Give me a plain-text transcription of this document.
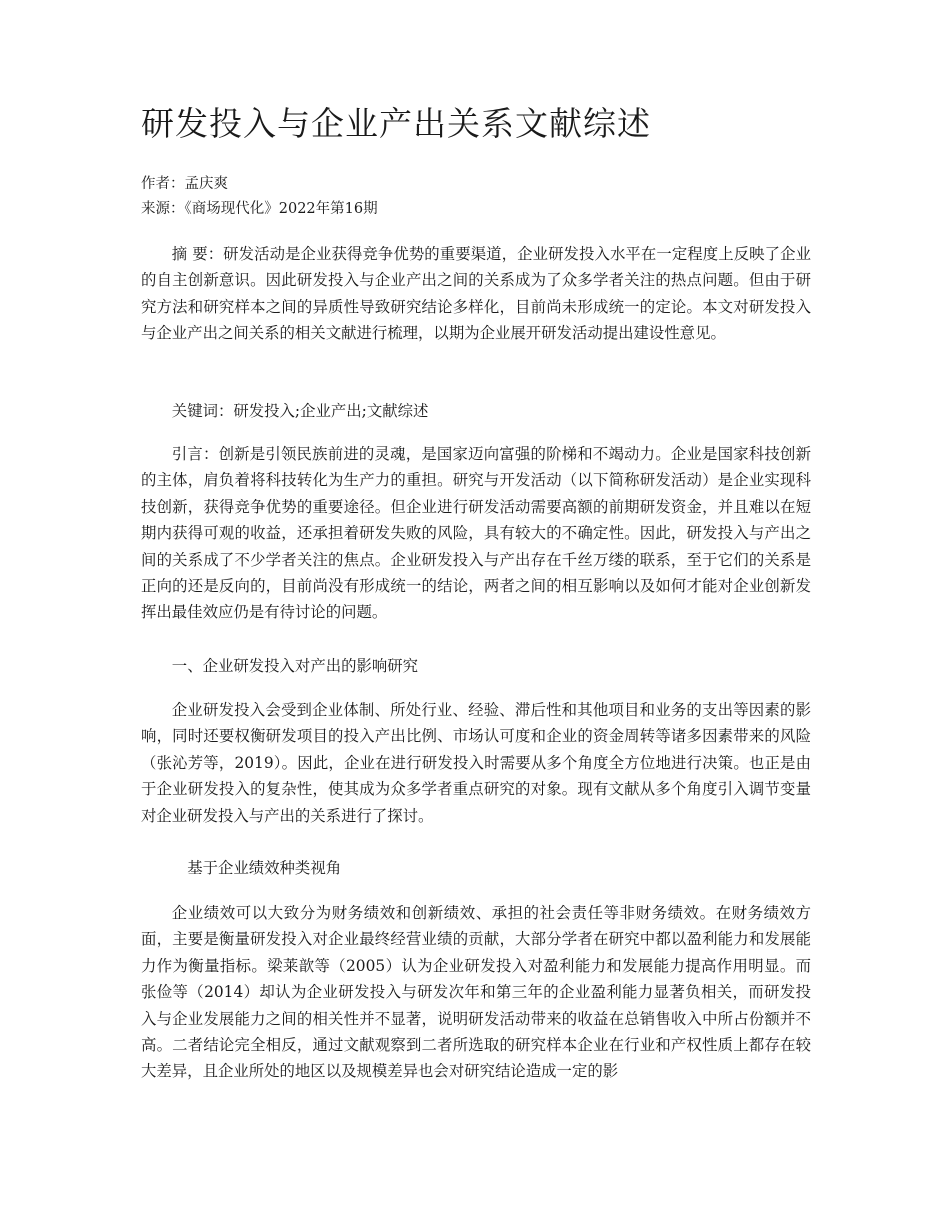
研发投入与企业产出关系文献综述

作者：孟庆爽

来源：《商场现代化》2022年第16期

摘 要：研发活动是企业获得竞争优势的重要渠道，企业研发投入水平在一定程度上反映了企业的自主创新意识。因此研发投入与企业产出之间的关系成为了众多学者关注的热点问题。但由于研究方法和研究样本之间的异质性导致研究结论多样化，目前尚未形成统一的定论。本文对研发投入与企业产出之间关系的相关文献进行梳理，以期为企业展开研发活动提出建设性意见。

关键词：研发投入;企业产出;文献综述

引言：创新是引领民族前进的灵魂，是国家迈向富强的阶梯和不竭动力。企业是国家科技创新的主体，肩负着将科技转化为生产力的重担。研究与开发活动（以下简称研发活动）是企业实现科技创新，获得竞争优势的重要途径。但企业进行研发活动需要高额的前期研发资金，并且难以在短期内获得可观的收益，还承担着研发失败的风险，具有较大的不确定性。因此，研发投入与产出之间的关系成了不少学者关注的焦点。企业研发投入与产出存在千丝万缕的联系，至于它们的关系是正向的还是反向的，目前尚没有形成统一的结论，两者之间的相互影响以及如何才能对企业创新发挥出最佳效应仍是有待讨论的问题。

一、企业研发投入对产出的影响研究

企业研发投入会受到企业体制、所处行业、经验、滞后性和其他项目和业务的支出等因素的影响，同时还要权衡研发项目的投入产出比例、市场认可度和企业的资金周转等诸多因素带来的风险（张沁芳等，2019）。因此，企业在进行研发投入时需要从多个角度全方位地进行决策。也正是由于企业研发投入的复杂性，使其成为众多学者重点研究的对象。现有文献从多个角度引入调节变量对企业研发投入与产出的关系进行了探讨。

基于企业绩效种类视角

企业绩效可以大致分为财务绩效和创新绩效、承担的社会责任等非财务绩效。在财务绩效方面，主要是衡量研发投入对企业最终经营业绩的贡献，大部分学者在研究中都以盈利能力和发展能力作为衡量指标。梁莱歆等（2005）认为企业研发投入对盈利能力和发展能力提高作用明显。而张俭等（2014）却认为企业研发投入与研发次年和第三年的企业盈利能力显著负相关，而研发投入与企业发展能力之间的相关性并不显著，说明研发活动带来的收益在总销售收入中所占份额并不高。二者结论完全相反，通过文献观察到二者所选取的研究样本企业在行业和产权性质上都存在较大差异，且企业所处的地区以及规模差异也会对研究结论造成一定的影
